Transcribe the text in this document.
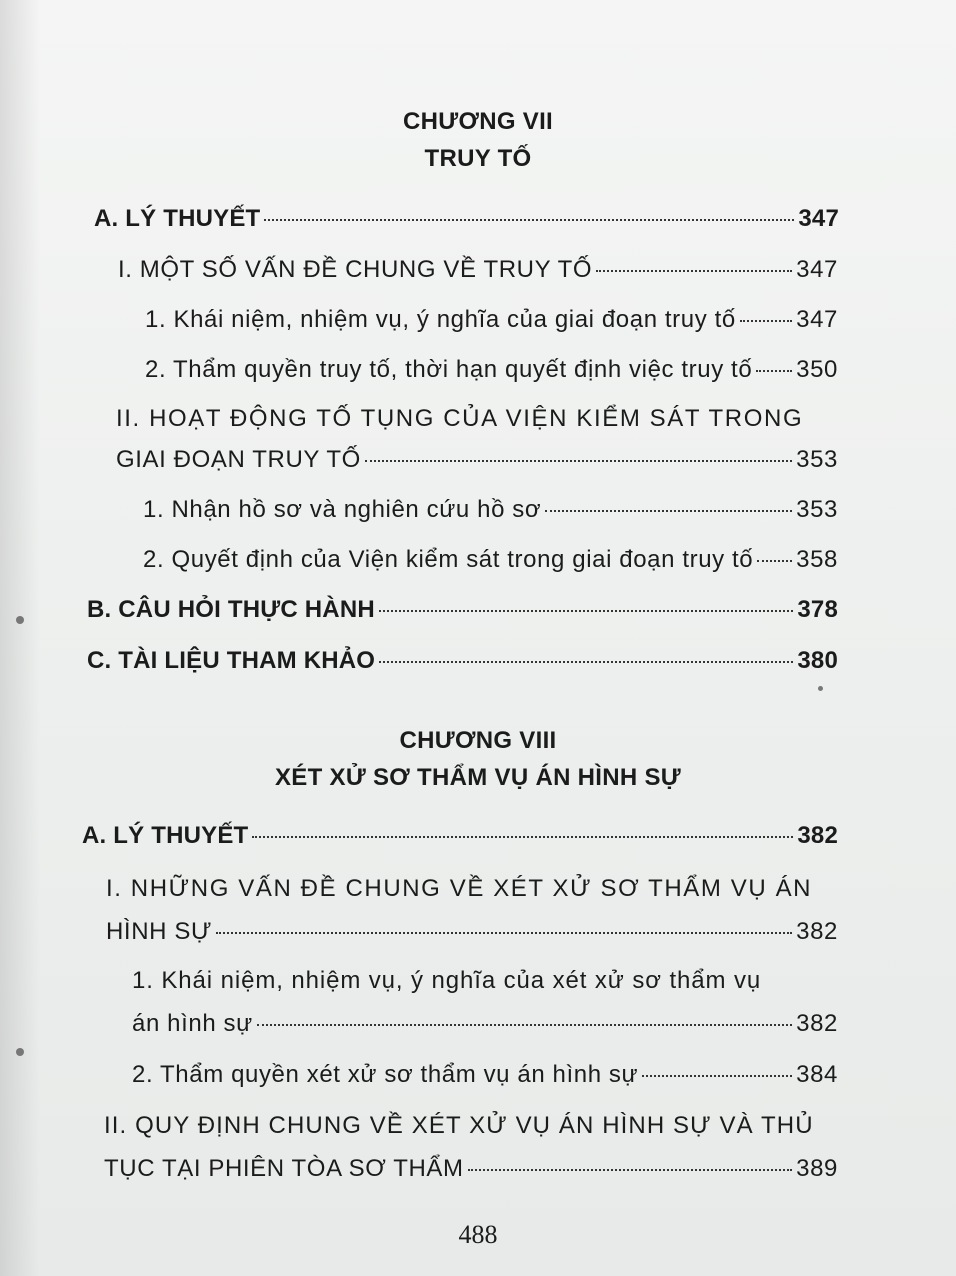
CHƯƠNG VII
TRUY TỐ
A. LÝ THUYẾT	347
I. MỘT SỐ VẤN ĐỀ CHUNG VỀ TRUY TỐ	347
1. Khái niệm, nhiệm vụ, ý nghĩa của giai đoạn truy tố	347
2. Thẩm quyền truy tố, thời hạn quyết định việc truy tố 350
II. HOẠT ĐỘNG TỐ TỤNG CỦA VIỆN KIỂM SÁT TRONG
GIAI ĐOẠN TRUY TỐ	353
1. Nhận hồ sơ và nghiên cứu hồ sơ	353
2. Quyết định của Viện kiểm sát trong giai đoạn truy tố 358
B. CÂU HỎI THỰC HÀNH	378
C. TÀI LIỆU THAM KHẢO	380
CHƯƠNG VIII
XÉT XỬ SƠ THẨM VỤ ÁN HÌNH SỰ
A. LÝ THUYẾT	382
I. NHỮNG VẤN ĐỀ CHUNG VỀ XÉT XỬ SƠ THẨM VỤ ÁN
HÌNH SỰ	382
1. Khái niệm, nhiệm vụ, ý nghĩa của xét xử sơ thẩm vụ
án hình sự	382
2. Thẩm quyền xét xử sơ thẩm vụ án hình sự	384
II. QUY ĐỊNH CHUNG VỀ XÉT XỬ VỤ ÁN HÌNH SỰ VÀ THỦ
TỤC TẠI PHIÊN TÒA SƠ THẨM	389
488
